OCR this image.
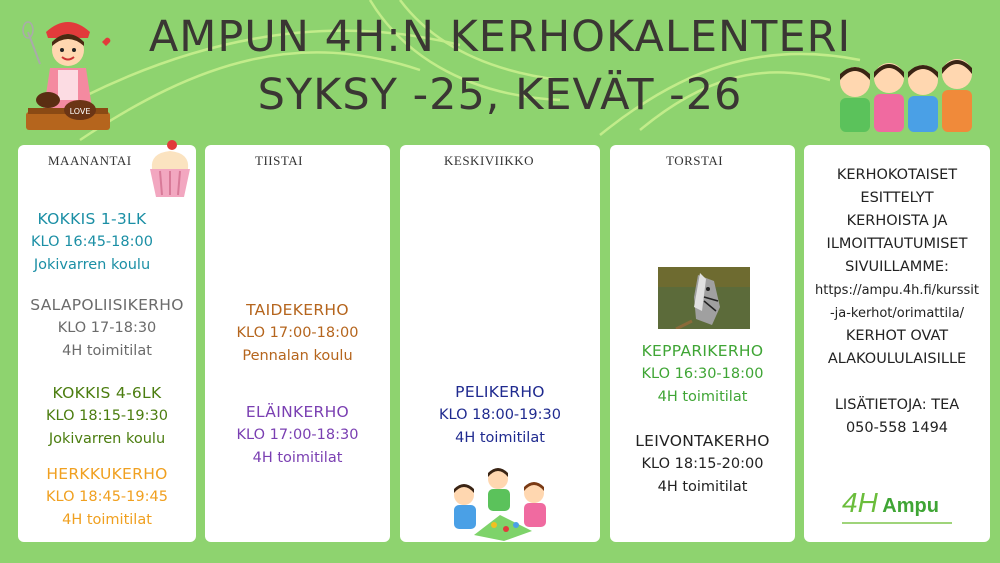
AMPUN 4H:N KERHOKALENTERI
SYKSY -25, KEVÄT -26
LOVE
MAANANTAI
KOKKIS 1-3LK
KLO 16:45-18:00
Jokivarren koulu
SALAPOLIISIKERHO
KLO 17-18:30
4H toimitilat
KOKKIS 4-6LK
KLO 18:15-19:30
Jokivarren koulu
HERKKUKERHO
KLO 18:45-19:45
4H toimitilat
TIISTAI
TAIDEKERHO
KLO 17:00-18:00
Pennalan koulu
ELÄINKERHO
KLO 17:00-18:30
4H toimitilat
KESKIVIIKKO
PELIKERHO
KLO 18:00-19:30
4H toimitilat
TORSTAI
KEPPARIKERHO
KLO 16:30-18:00
4H toimitilat
LEIVONTAKERHO
KLO 18:15-20:00
4H toimitilat
KERHOKOTAISET
ESITTELYT
KERHOISTA JA
ILMOITTAUTUMISET
SIVUILLAMME:
https://ampu.4h.fi/kurssit
-ja-kerhot/orimattila/
KERHOT OVAT
ALAKOULULAISILLE
LISÄTIETOJA: TEA
050-558 1494
4H Ampu
